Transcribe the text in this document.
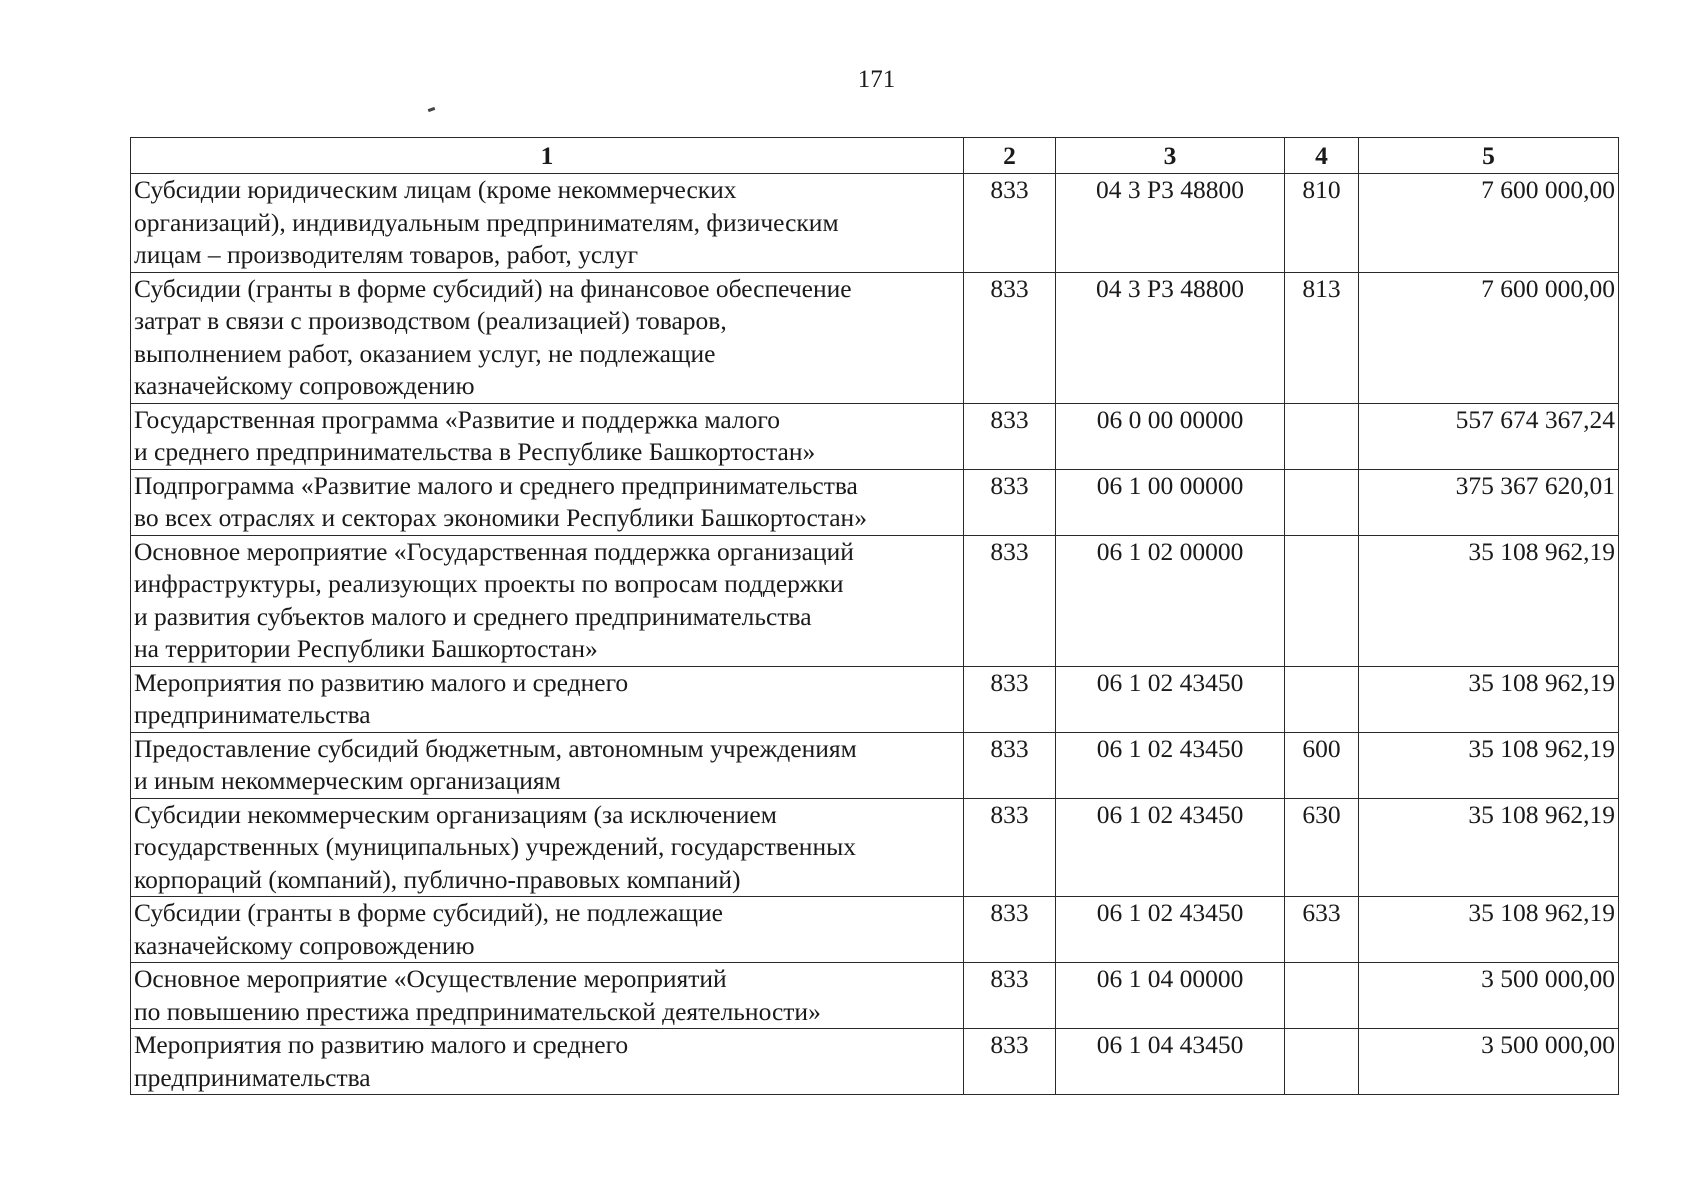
171
1	2	3	4	5
Субсидии юридическим лицам (кроме некоммерческих
организаций), индивидуальным предпринимателям, физическим
лицам – производителям товаров, работ, услуг	833	04 3 Р3 48800	810	7 600 000,00
Субсидии (гранты в форме субсидий) на финансовое обеспечение
затрат в связи с производством (реализацией) товаров,
выполнением работ, оказанием услуг, не подлежащие
казначейскому сопровождению	833	04 3 Р3 48800	813	7 600 000,00
Государственная программа «Развитие и поддержка малого
и среднего предпринимательства в Республике Башкортостан»	833	06 0 00 00000		557 674 367,24
Подпрограмма «Развитие малого и среднего предпринимательства
во всех отраслях и секторах экономики Республики Башкортостан»	833	06 1 00 00000		375 367 620,01
Основное мероприятие «Государственная поддержка организаций
инфраструктуры, реализующих проекты по вопросам поддержки
и развития субъектов малого и среднего предпринимательства
на территории Республики Башкортостан»	833	06 1 02 00000		35 108 962,19
Мероприятия по развитию малого и среднего
предпринимательства	833	06 1 02 43450		35 108 962,19
Предоставление субсидий бюджетным, автономным учреждениям
и иным некоммерческим организациям	833	06 1 02 43450	600	35 108 962,19
Субсидии некоммерческим организациям (за исключением
государственных (муниципальных) учреждений, государственных
корпораций (компаний), публично-правовых компаний)	833	06 1 02 43450	630	35 108 962,19
Субсидии (гранты в форме субсидий), не подлежащие
казначейскому сопровождению	833	06 1 02 43450	633	35 108 962,19
Основное мероприятие «Осуществление мероприятий
по повышению престижа предпринимательской деятельности»	833	06 1 04 00000		3 500 000,00
Мероприятия по развитию малого и среднего
предпринимательства	833	06 1 04 43450		3 500 000,00
